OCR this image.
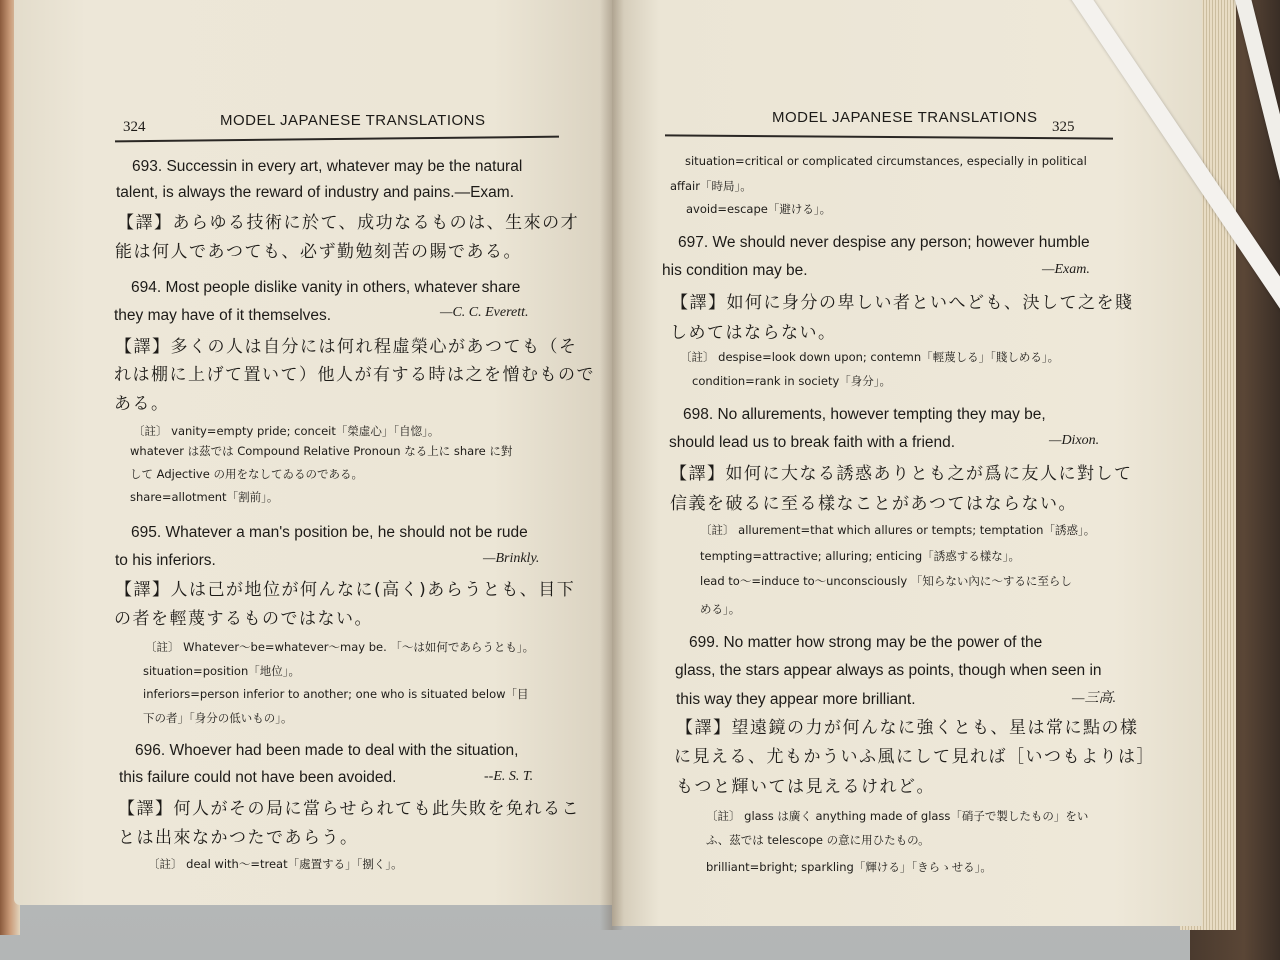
324	MODEL JAPANESE TRANSLATIONS
693. Successin in every art, whatever may be the natural
talent, is always the reward of industry and pains.—Exam.
【譯】あらゆる技術に於て、成功なるものは、生來の才
能は何人であつても、必ず勤勉刻苦の賜である。
694. Most people dislike vanity in others, whatever share
they may have of it themselves.	—C. C. Everett.
【譯】多くの人は自分には何れ程虛榮心があつても（そ
れは棚に上げて置いて）他人が有する時は之を憎むもので
ある。
〔註〕 vanity=empty pride; conceit「榮虛心」「自惚」。
whatever は茲では Compound Relative Pronoun なる上に share に對
して Adjective の用をなしてゐるのである。
share=allotment「割前」。
695. Whatever a man's position be, he should not be rude
to his inferiors.	—Brinkly.
【譯】人は己が地位が何んなに(高く)あらうとも、目下
の者を輕蔑するものではない。
〔註〕 Whatever～be=whatever～may be. 「～は如何であらうとも」。
situation=position「地位」。
inferiors=person inferior to another; one who is situated below「目
下の者」「身分の低いもの」。
696. Whoever had been made to deal with the situation,
this failure could not have been avoided.	--E. S. T.
【譯】何人がその局に當らせられても此失敗を免れるこ
とは出來なかつたであらう。
〔註〕 deal with～=treat「處置する」「捌く」。
MODEL JAPANESE TRANSLATIONS
325
situation=critical or complicated circumstances, especially in political
affair「時局」。
avoid=escape「避ける」。
697. We should never despise any person; however humble
his condition may be.	—Exam.
【譯】如何に身分の卑しい者といへども、決して之を賤
しめてはならない。
〔註〕 despise=look down upon; contemn「輕蔑しる」「賤しめる」。
condition=rank in society「身分」。
698. No allurements, however tempting they may be,
should lead us to break faith with a friend.	—Dixon.
【譯】如何に大なる誘惑ありとも之が爲に友人に對して
信義を破るに至る樣なことがあつてはならない。
〔註〕 allurement=that which allures or tempts; temptation「誘惑」。
tempting=attractive; alluring; enticing「誘惑する樣な」。
lead to～=induce to～unconsciously 「知らない內に～するに至らし
める」。
699. No matter how strong may be the power of the
glass, the stars appear always as points, though when seen in
this way they appear more brilliant.	—三高.
【譯】望遠鏡の力が何んなに強くとも、星は常に點の樣
に見える、尤もかういふ風にして見れば［いつもよりは］
もつと輝いては見えるけれど。
〔註〕 glass は廣く anything made of glass「硝子で製したもの」をい
ふ、茲では telescope の意に用ひたもの。
brilliant=bright; sparkling「輝ける」「きらゝせる」。
